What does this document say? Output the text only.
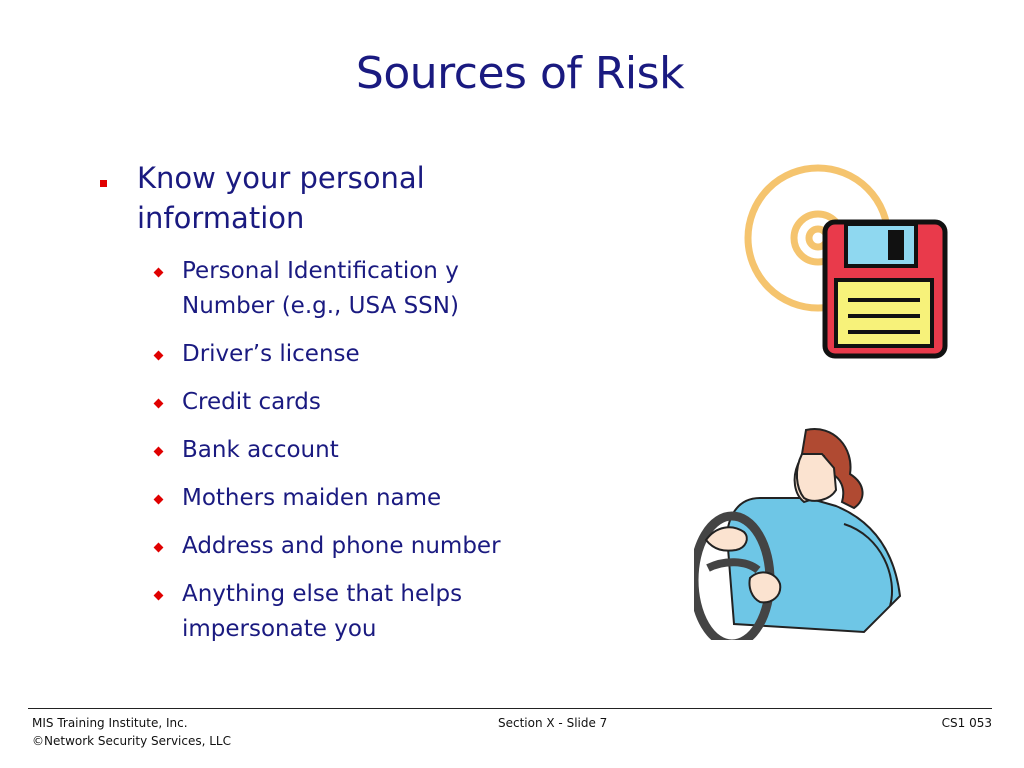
Sources of Risk
Know your personal information
Personal Identification y Number (e.g., USA SSN)
Driver’s license
Credit cards
Bank account
Mothers maiden name
Address and phone number
Anything else that helps impersonate you
MIS Training Institute, Inc.
©Network Security Services, LLC
Section X - Slide 7	CS1 053
